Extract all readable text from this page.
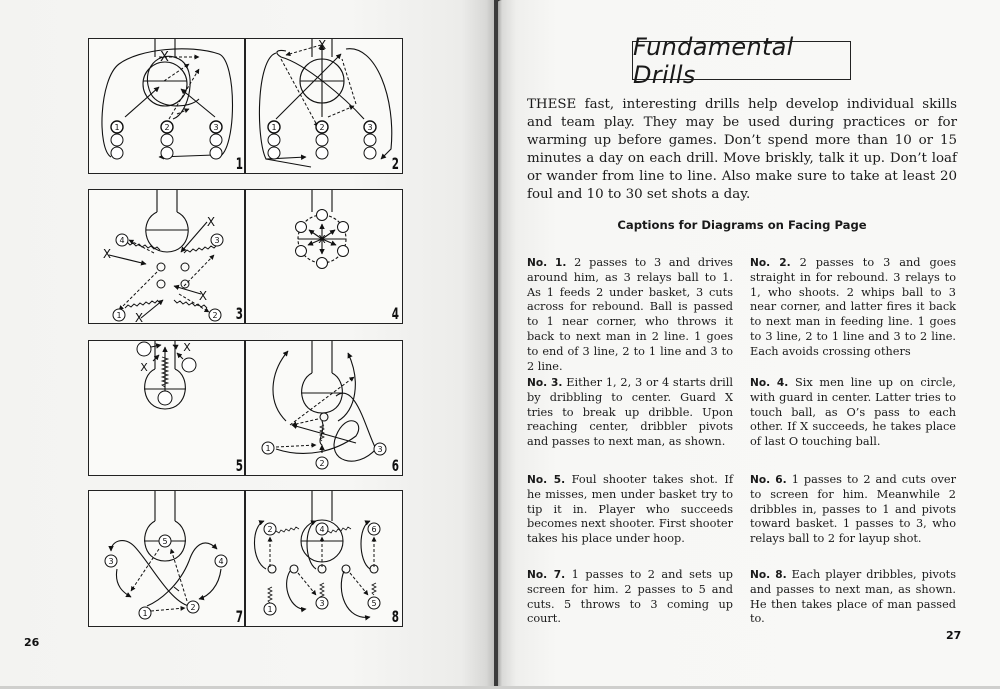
X
1	2	3
1
X
1	2	3
2
X
X
X
X
4	3
1	2 3
X
4
X
X
5
1
2
3
6
5
3	4
1
2	7
2	4	6
1
3	5
8
26
Fundamental Drills

THESE fast, interesting drills help develop individual skills and team play. They may be used during practices or for warming up before games. Don’t spend more than 10 or 15 minutes a day on each drill. Move briskly, talk it up. Don’t loaf or wander from line to line. Also make sure to take at least 20 foul and 10 to 30 set shots a day.

Captions for Diagrams on Facing Page
No. 1. 2 passes to 3 and drives around him, as 3 relays ball to 1. As 1 feeds 2 under basket, 3 cuts across for rebound. Ball is passed to 1 near corner, who throws it back to next man in 2 line. 1 goes to end of 3 line, 2 to 1 line and 3 to 2 line.
No. 2. 2 passes to 3 and goes straight in for rebound. 3 relays to 1, who shoots. 2 whips ball to 3 near corner, and latter fires it back to next man in feeding line. 1 goes to 3 line, 2 to 1 line and 3 to 2 line. Each avoids crossing others
No. 3. Either 1, 2, 3 or 4 starts drill by dribbling to center. Guard X tries to break up dribble. Upon reaching center, dribbler pivots and passes to next man, as shown.
No. 4. Six men line up on circle, with guard in center. Latter tries to touch ball, as O’s pass to each other. If X succeeds, he takes place of last O touching ball.
No. 5. Foul shooter takes shot. If he misses, men under basket try to tip it in. Player who succeeds becomes next shooter. First shooter takes his place under hoop.
No. 6. 1 passes to 2 and cuts over to screen for him. Meanwhile 2 dribbles in, passes to 1 and pivots toward basket. 1 passes to 3, who relays ball to 2 for layup shot.
No. 7. 1 passes to 2 and sets up screen for him. 2 passes to 5 and cuts. 5 throws to 3 coming up court.
No. 8. Each player dribbles, pivots and passes to next man, as shown. He then takes place of man passed to.
27
